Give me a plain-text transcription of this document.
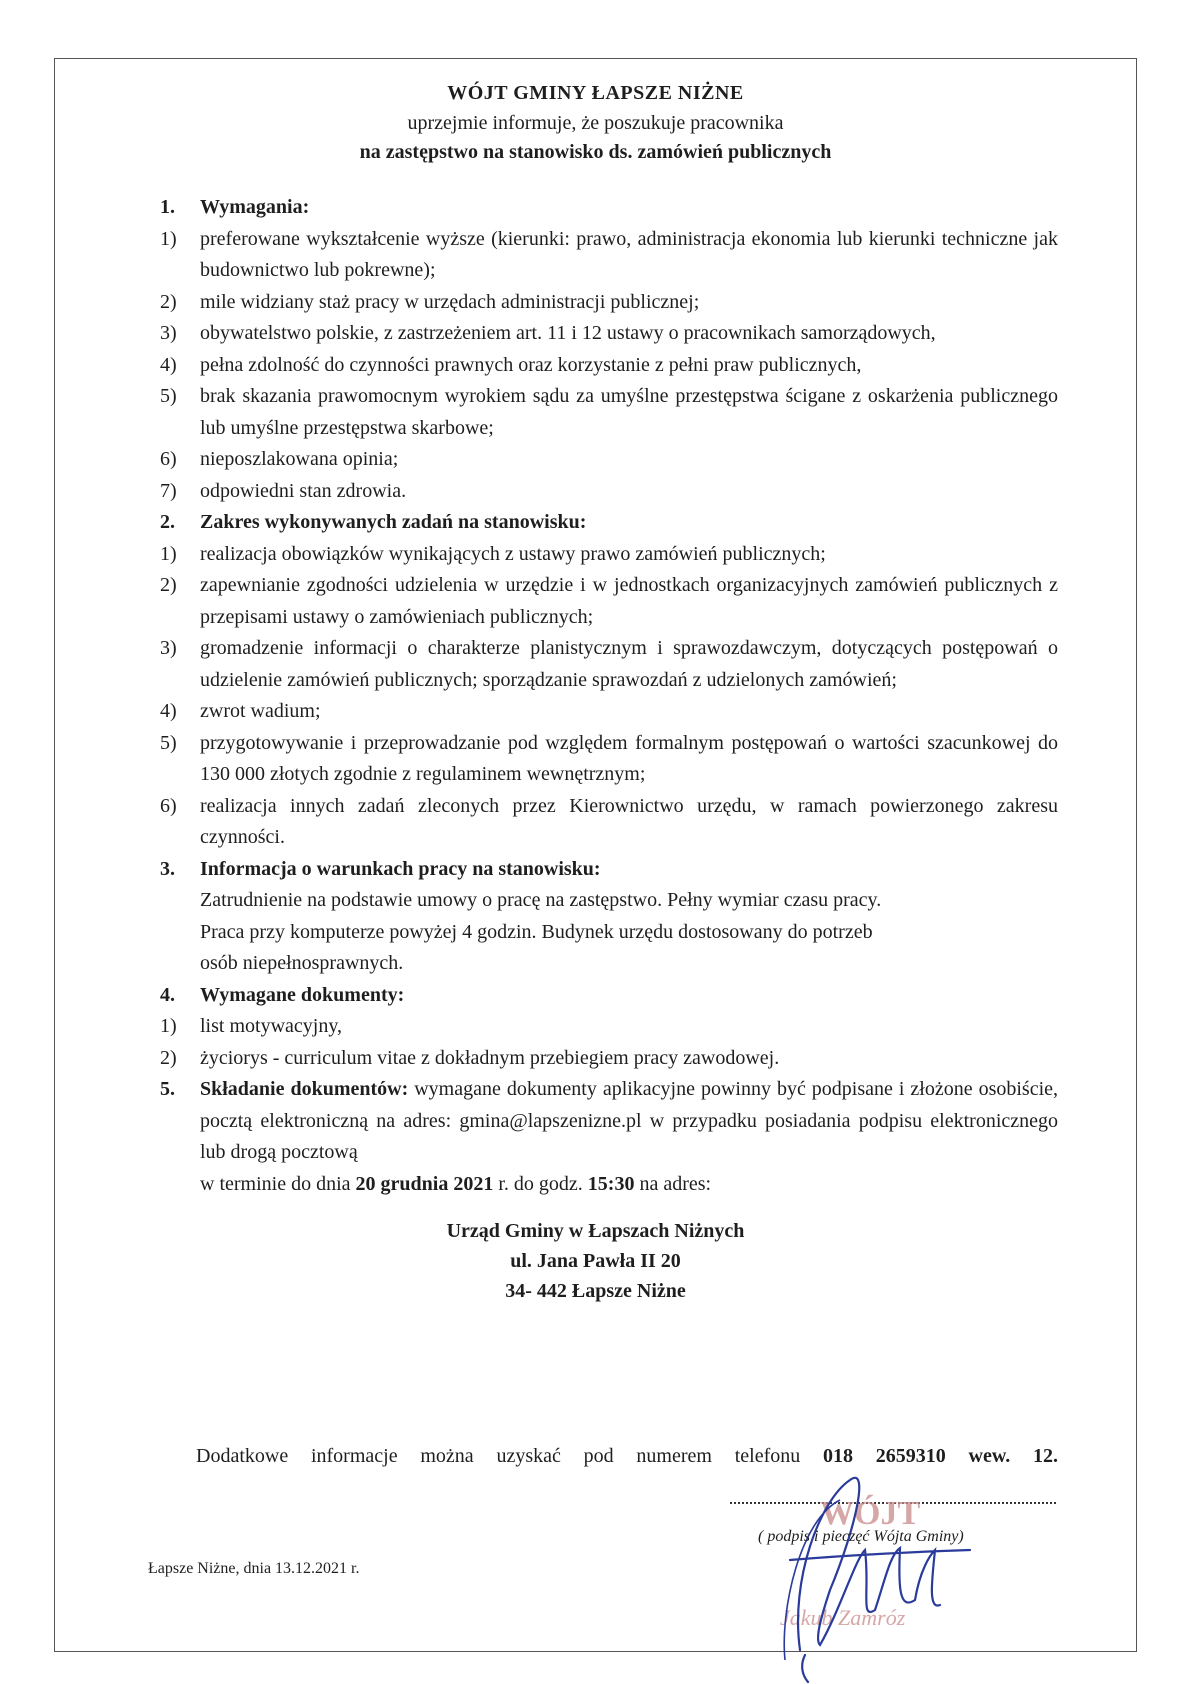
WÓJT GMINY ŁAPSZE NIŻNE
uprzejmie informuje, że poszukuje pracownika
na zastępstwo na stanowisko ds. zamówień publicznych
1. Wymagania:
1) preferowane wykształcenie wyższe (kierunki: prawo, administracja ekonomia lub kierunki techniczne jak budownictwo lub pokrewne);
2) mile widziany staż pracy w urzędach administracji publicznej;
3) obywatelstwo polskie, z zastrzeżeniem art. 11 i 12 ustawy o pracownikach samorządowych,
4) pełna zdolność do czynności prawnych oraz korzystanie z pełni praw publicznych,
5) brak skazania prawomocnym wyrokiem sądu za umyślne przestępstwa ścigane z oskarżenia publicznego lub umyślne przestępstwa skarbowe;
6) nieposzlakowana opinia;
7) odpowiedni stan zdrowia.
2. Zakres wykonywanych zadań na stanowisku:
1) realizacja obowiązków wynikających z ustawy prawo zamówień publicznych;
2) zapewnianie zgodności udzielenia w urzędzie i w jednostkach organizacyjnych zamówień publicznych z przepisami ustawy o zamówieniach publicznych;
3) gromadzenie informacji o charakterze planistycznym i sprawozdawczym, dotyczących postępowań o udzielenie zamówień publicznych; sporządzanie sprawozdań z udzielonych zamówień;
4) zwrot wadium;
5) przygotowywanie i przeprowadzanie pod względem formalnym postępowań o wartości szacunkowej do 130 000 złotych zgodnie z regulaminem wewnętrznym;
6) realizacja innych zadań zleconych przez Kierownictwo urzędu, w ramach powierzonego zakresu czynności.
3. Informacja o warunkach pracy na stanowisku:
Zatrudnienie na podstawie umowy o pracę na zastępstwo. Pełny wymiar czasu pracy.
Praca przy komputerze powyżej 4 godzin. Budynek urzędu dostosowany do potrzeb
osób niepełnosprawnych.
4. Wymagane dokumenty:
1) list motywacyjny,
2) życiorys - curriculum vitae z dokładnym przebiegiem pracy zawodowej.
5. Składanie dokumentów: wymagane dokumenty aplikacyjne powinny być podpisane i złożone osobiście, pocztą elektroniczną na adres: gmina@lapszenizne.pl w przypadku posiadania podpisu elektronicznego lub drogą pocztową
w terminie do dnia 20 grudnia 2021 r. do godz. 15:30 na adres:
Urząd Gminy w Łapszach Niżnych
ul. Jana Pawła II 20
34- 442 Łapsze Niżne
Dodatkowe informacje można uzyskać pod numerem telefonu 018 2659310 wew. 12.
WÓJT
Jakub Zamróz
( podpis i pieczęć Wójta Gminy)
Łapsze Niżne, dnia 13.12.2021 r.
